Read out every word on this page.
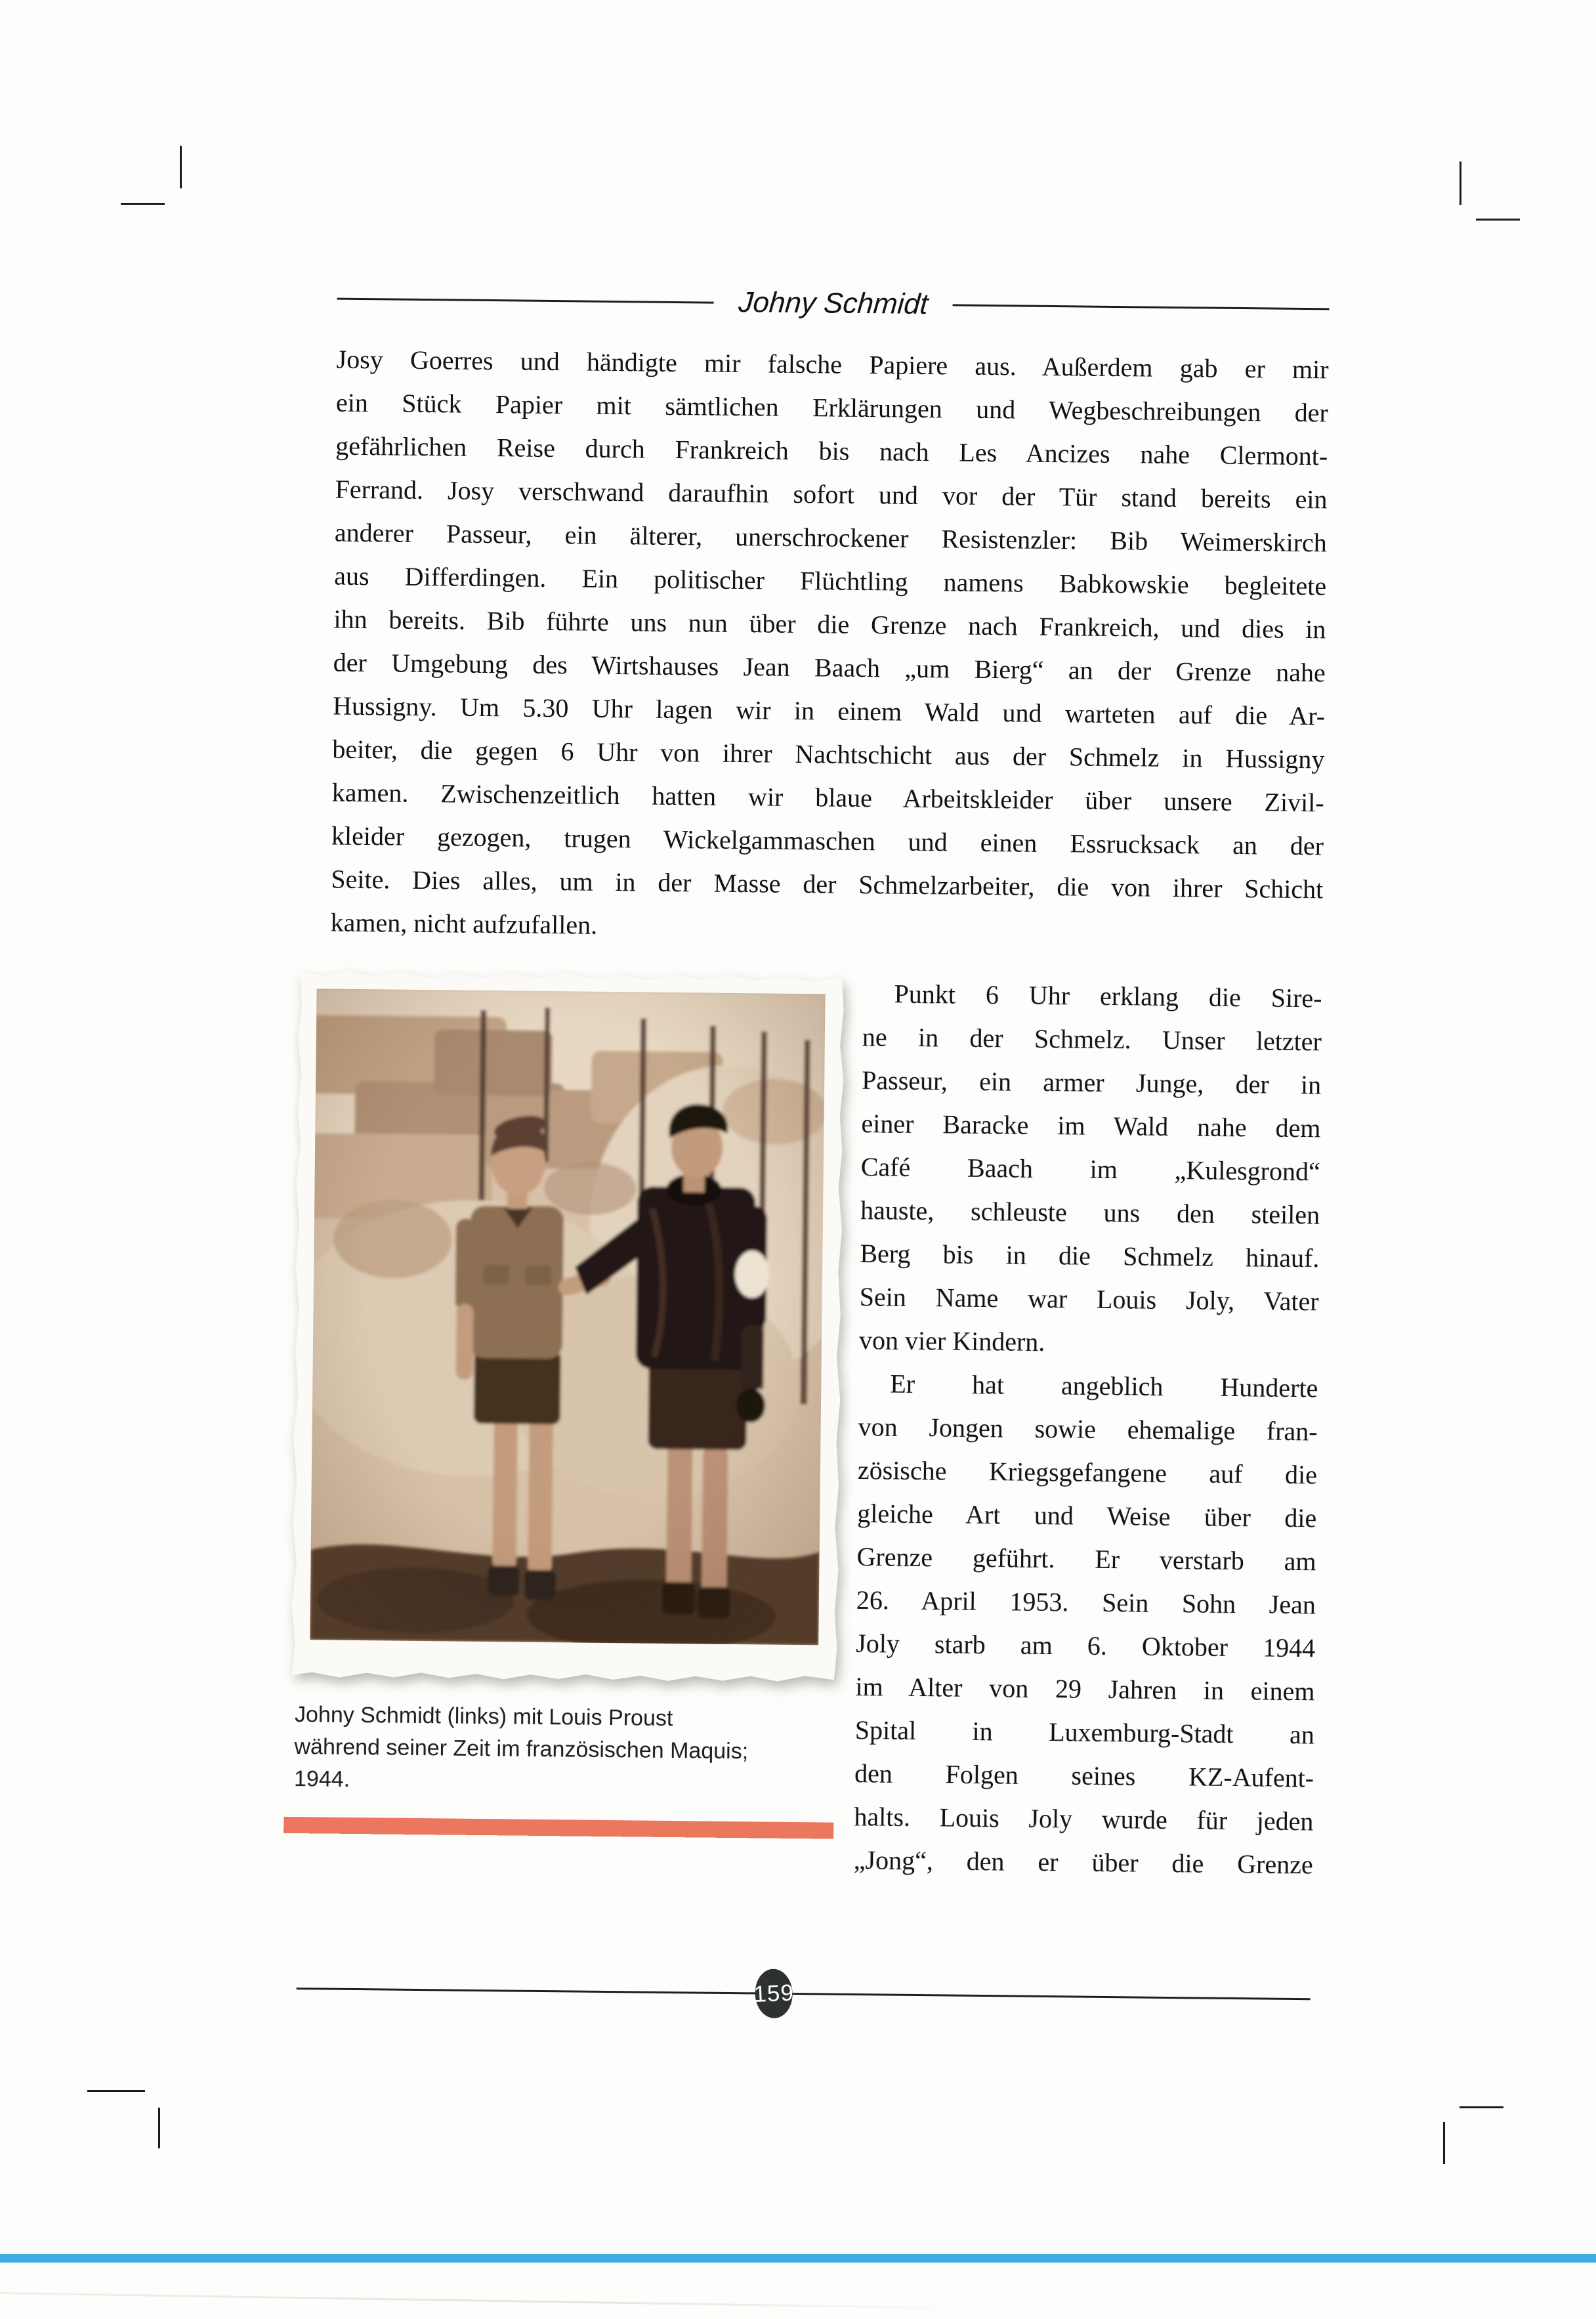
Johny Schmidt
Josy Goerres und händigte mir falsche Papiere aus. Außerdem gab er mir
ein Stück Papier mit sämtlichen Erklärungen und Wegbeschreibungen der
gefährlichen Reise durch Frankreich bis nach Les Ancizes nahe Clermont-
Ferrand. Josy verschwand daraufhin sofort und vor der Tür stand bereits ein
anderer Passeur, ein älterer, unerschrockener Resistenzler: Bib Weimerskirch
aus Differdingen. Ein politischer Flüchtling namens Babkowskie begleitete
ihn bereits. Bib führte uns nun über die Grenze nach Frankreich, und dies in
der Umgebung des Wirtshauses Jean Baach „um Bierg“ an der Grenze nahe
Hussigny. Um 5.30 Uhr lagen wir in einem Wald und warteten auf die Ar-
beiter, die gegen 6 Uhr von ihrer Nachtschicht aus der Schmelz in Hussigny
kamen. Zwischenzeitlich hatten wir blaue Arbeitskleider über unsere Zivil-
kleider gezogen, trugen Wickelgammaschen und einen Essrucksack an der
Seite. Dies alles, um in der Masse der Schmelzarbeiter, die von ihrer Schicht
kamen, nicht aufzufallen.
Punkt 6 Uhr erklang die Sire-
ne in der Schmelz. Unser letzter
Passeur, ein armer Junge, der in
einer Baracke im Wald nahe dem
Café Baach im „Kulesgrond“
hauste, schleuste uns den steilen
Berg bis in die Schmelz hinauf.
Sein Name war Louis Joly, Vater
von vier Kindern.
Er hat angeblich Hunderte
von Jongen sowie ehemalige fran-
zösische Kriegsgefangene auf die
gleiche Art und Weise über die
Grenze geführt. Er verstarb am
26. April 1953. Sein Sohn Jean
Joly starb am 6. Oktober 1944
im Alter von 29 Jahren in einem
Spital in Luxemburg-Stadt an
den Folgen seines KZ-Aufent-
halts. Louis Joly wurde für jeden
„Jong“, den er über die Grenze
Johny Schmidt (links) mit Louis Proust
während seiner Zeit im französischen Maquis;
1944.
159
